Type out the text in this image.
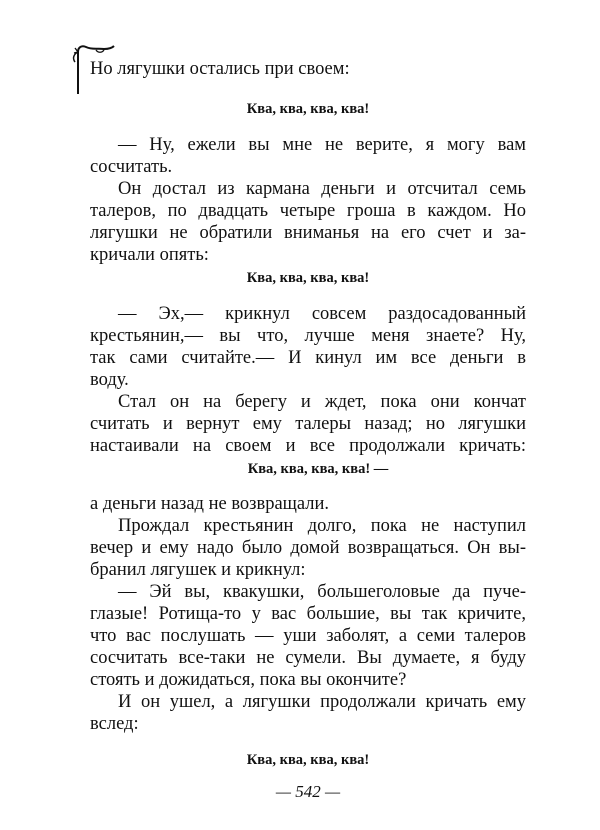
Но лягушки остались при своем:
Ква, ква, ква, ква!
— Ну, ежели вы мне не верите, я могу вам
сосчитать.
Он достал из кармана деньги и отсчитал семь
талеров, по двадцать четыре гроша в каждом. Но
лягушки не обратили вниманья на его счет и за-
кричали опять:
Ква, ква, ква, ква!
— Эх,— крикнул совсем раздосадованный
крестьянин,— вы что, лучше меня знаете? Ну,
так сами считайте.— И кинул им все деньги в
воду.
Стал он на берегу и ждет, пока они кончат
считать и вернут ему талеры назад; но лягушки
настаивали на своем и все продолжали кричать:
Ква, ква, ква, ква! —
а деньги назад не возвращали.
Прождал крестьянин долго, пока не наступил
вечер и ему надо было домой возвращаться. Он вы-
бранил лягушек и крикнул:
— Эй вы, квакушки, большеголовые да пуче-
глазые! Ротища-то у вас большие, вы так кричите,
что вас послушать — уши заболят, а семи талеров
сосчитать все-таки не сумели. Вы думаете, я буду
стоять и дожидаться, пока вы окончите?
И он ушел, а лягушки продолжали кричать ему
вслед:
Ква, ква, ква, ква!
— 542 —
